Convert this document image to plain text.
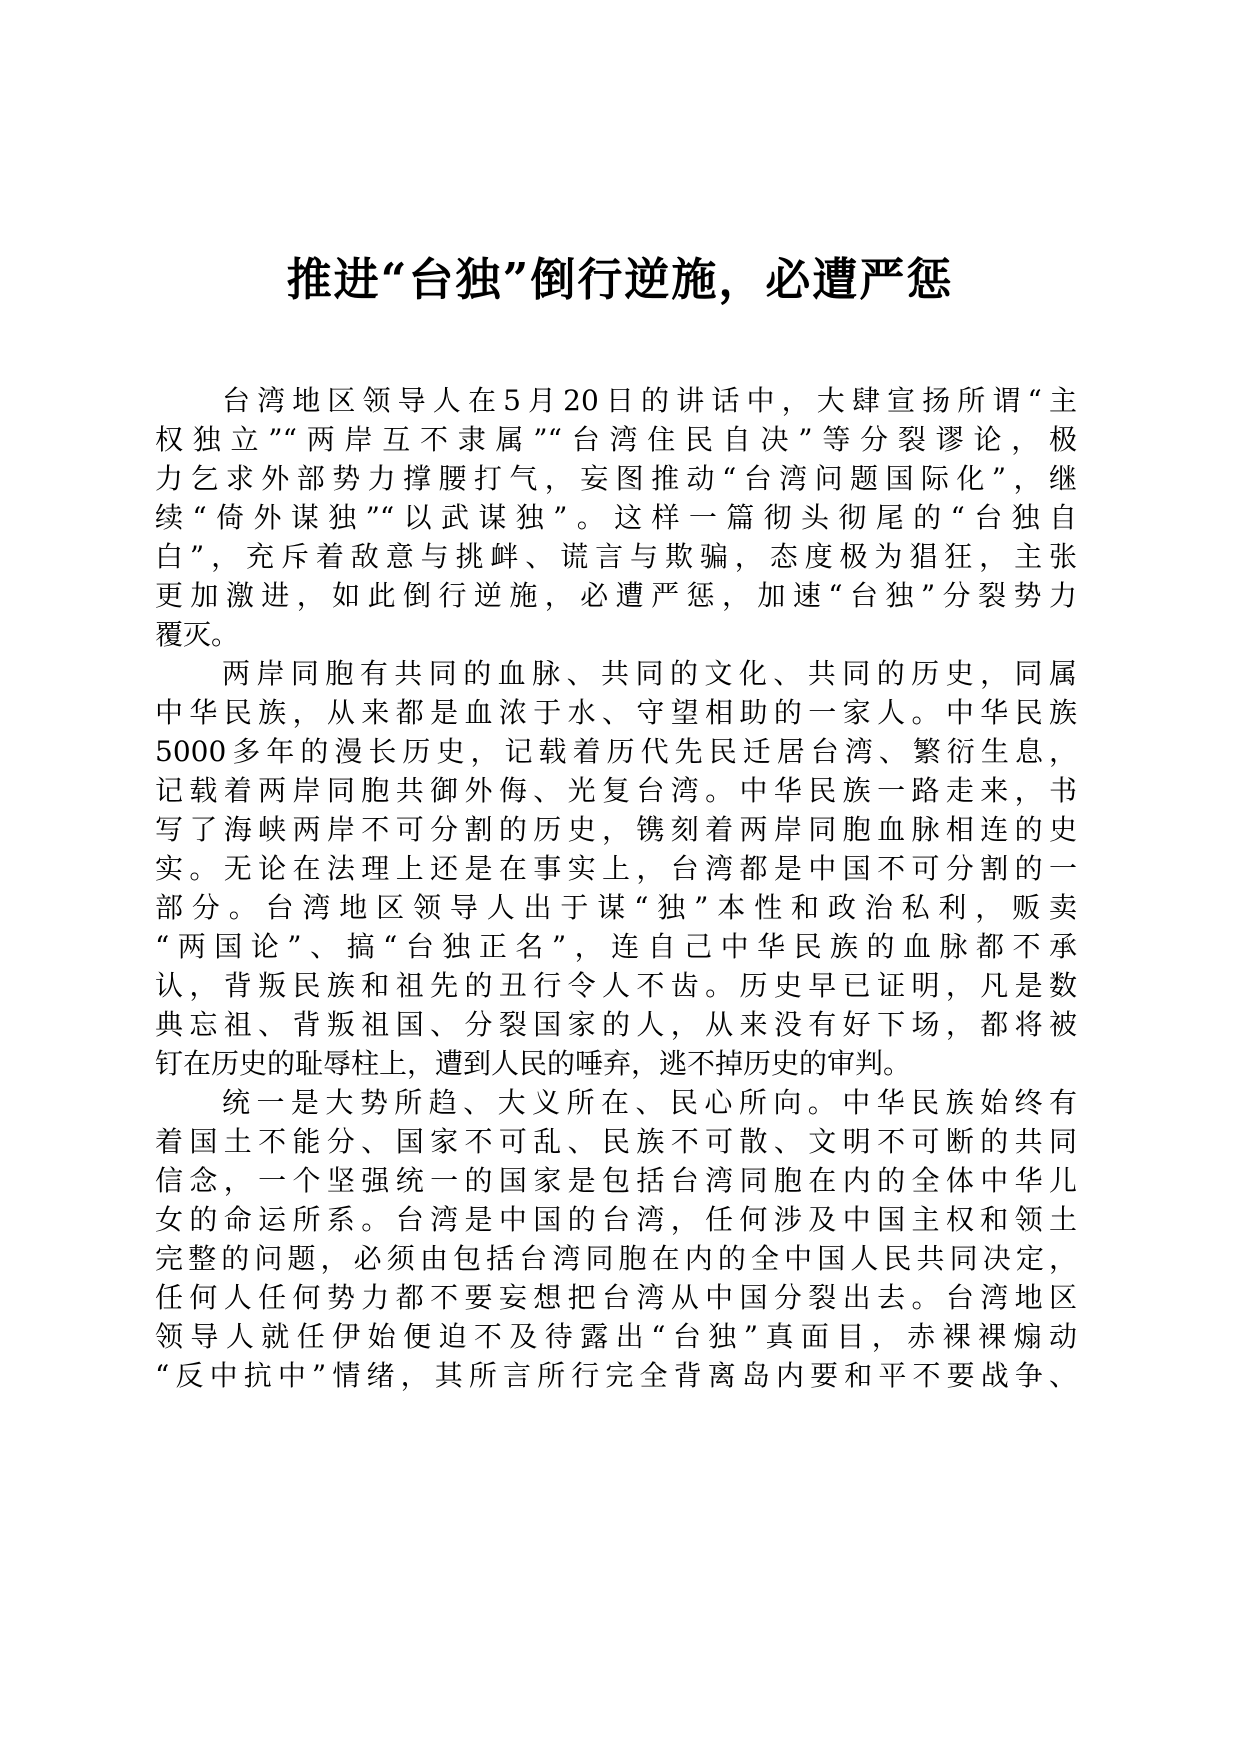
推进“台独”倒行逆施，必遭严惩

台湾地区领导人在5月20日的讲话中，大肆宣扬所谓“主
权独立”“两岸互不隶属”“台湾住民自决”等分裂谬论，极
力乞求外部势力撑腰打气，妄图推动“台湾问题国际化”，继
续“倚外谋独”“以武谋独”。这样一篇彻头彻尾的“台独自
白”，充斥着敌意与挑衅、谎言与欺骗，态度极为猖狂，主张
更加激进，如此倒行逆施，必遭严惩，加速“台独”分裂势力
覆灭。

两岸同胞有共同的血脉、共同的文化、共同的历史，同属
中华民族，从来都是血浓于水、守望相助的一家人。中华民族
5000多年的漫长历史，记载着历代先民迁居台湾、繁衍生息，
记载着两岸同胞共御外侮、光复台湾。中华民族一路走来，书
写了海峡两岸不可分割的历史，镌刻着两岸同胞血脉相连的史
实。无论在法理上还是在事实上，台湾都是中国不可分割的一
部分。台湾地区领导人出于谋“独”本性和政治私利，贩卖
“两国论”、搞“台独正名”，连自己中华民族的血脉都不承
认，背叛民族和祖先的丑行令人不齿。历史早已证明，凡是数
典忘祖、背叛祖国、分裂国家的人，从来没有好下场，都将被
钉在历史的耻辱柱上，遭到人民的唾弃，逃不掉历史的审判。

统一是大势所趋、大义所在、民心所向。中华民族始终有
着国土不能分、国家不可乱、民族不可散、文明不可断的共同
信念，一个坚强统一的国家是包括台湾同胞在内的全体中华儿
女的命运所系。台湾是中国的台湾，任何涉及中国主权和领土
完整的问题，必须由包括台湾同胞在内的全中国人民共同决定，
任何人任何势力都不要妄想把台湾从中国分裂出去。台湾地区
领导人就任伊始便迫不及待露出“台独”真面目，赤裸裸煽动
“反中抗中”情绪，其所言所行完全背离岛内要和平不要战争、
